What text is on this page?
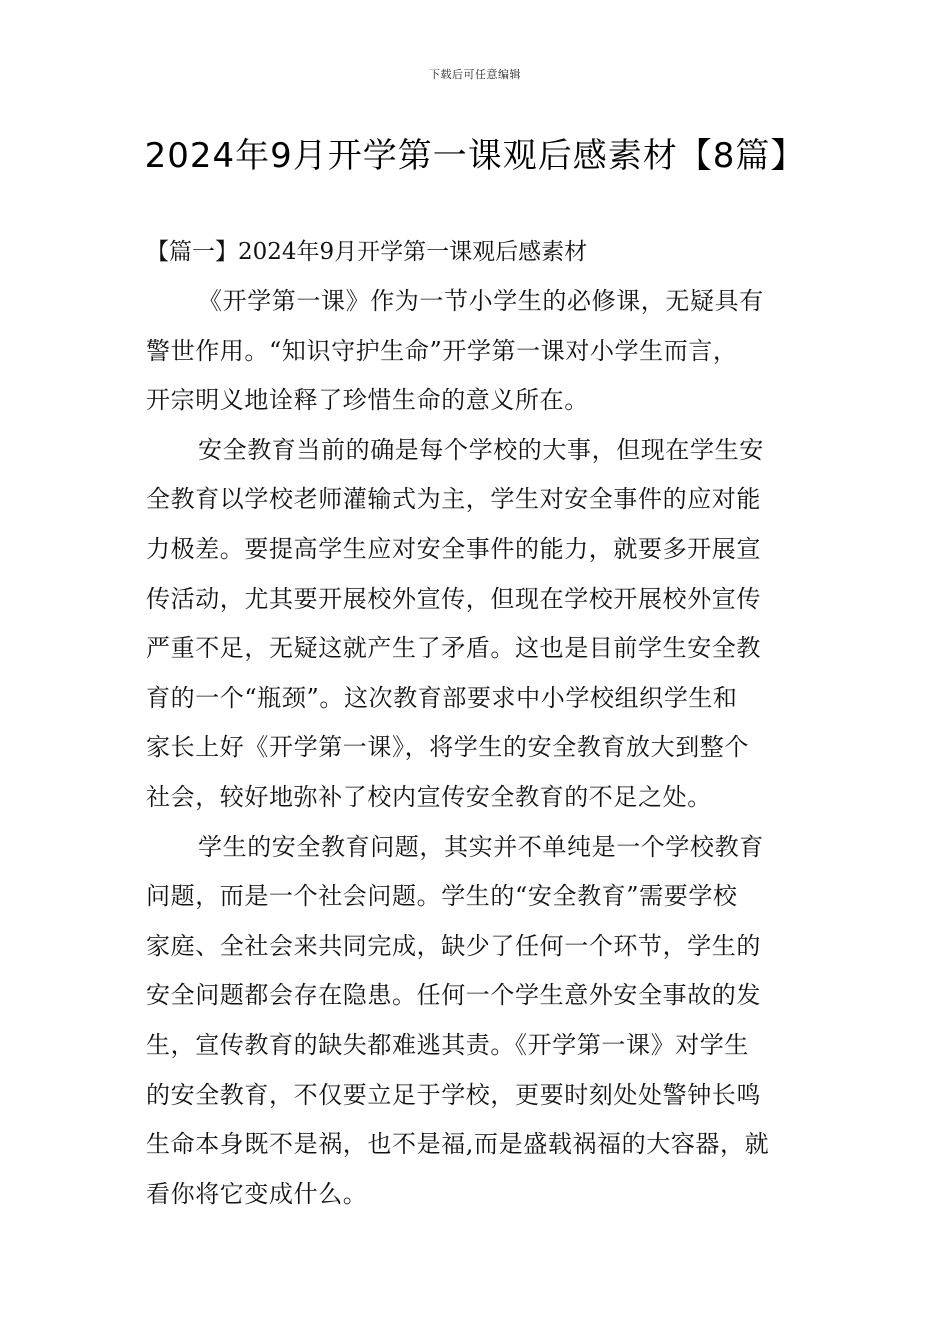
下载后可任意编辑
2024年9月开学第一课观后感素材【8篇】
【篇一】2024年9月开学第一课观后感素材
《开学第一课》作为一节小学生的必修课，无疑具有
警世作用。“知识守护生命”开学第一课对小学生而言，
开宗明义地诠释了珍惜生命的意义所在。
安全教育当前的确是每个学校的大事，但现在学生安
全教育以学校老师灌输式为主，学生对安全事件的应对能
力极差。要提高学生应对安全事件的能力，就要多开展宣
传活动，尤其要开展校外宣传，但现在学校开展校外宣传
严重不足，无疑这就产生了矛盾。这也是目前学生安全教
育的一个“瓶颈”。这次教育部要求中小学校组织学生和
家长上好《开学第一课》，将学生的安全教育放大到整个
社会，较好地弥补了校内宣传安全教育的不足之处。
学生的安全教育问题，其实并不单纯是一个学校教育
问题，而是一个社会问题。学生的“安全教育”需要学校
家庭、全社会来共同完成，缺少了任何一个环节，学生的
安全问题都会存在隐患。任何一个学生意外安全事故的发
生，宣传教育的缺失都难逃其责。《开学第一课》对学生
的安全教育，不仅要立足于学校，更要时刻处处警钟长鸣
生命本身既不是祸，也不是福,而是盛载祸福的大容器，就
看你将它变成什么。
